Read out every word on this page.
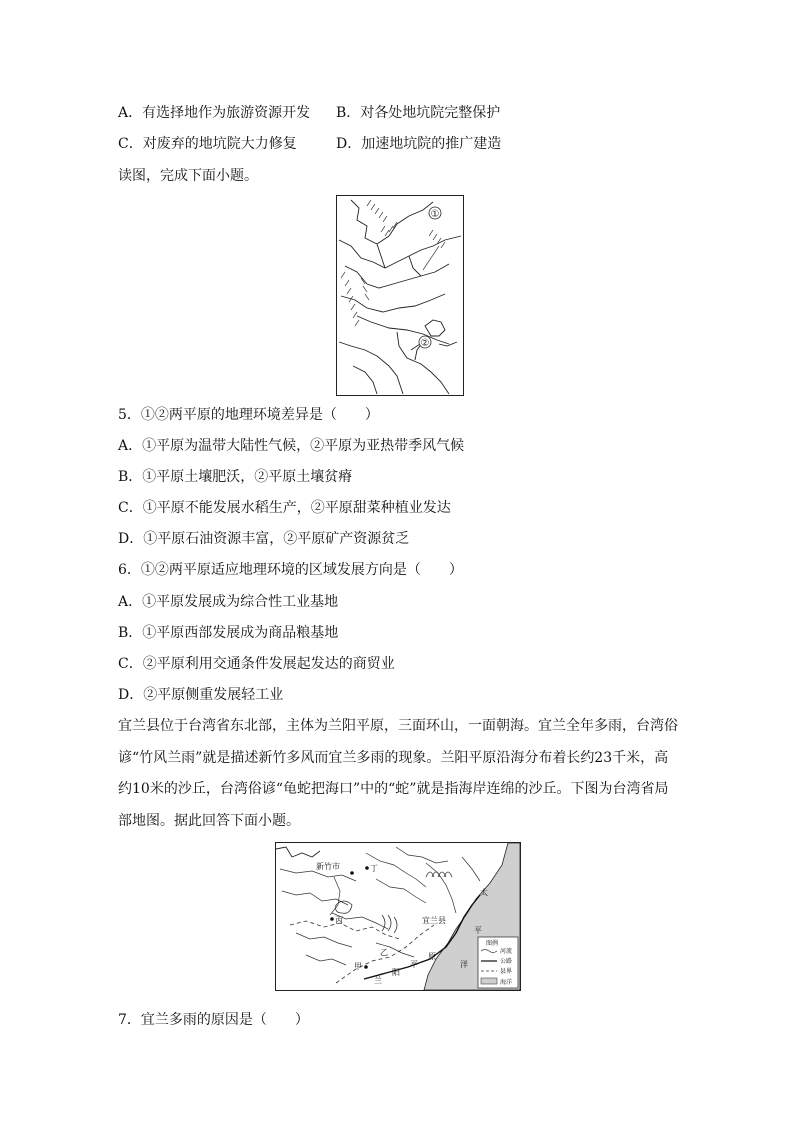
A．有选择地作为旅游资源开发 B．对各处地坑院完整保护
C．对废弃的地坑院大力修复	D．加速地坑院的推广建造
读图，完成下面小题。
①
②
5．①②两平原的地理环境差异是（　　）
A．①平原为温带大陆性气候，②平原为亚热带季风气候
B．①平原土壤肥沃，②平原土壤贫瘠
C．①平原不能发展水稻生产，②平原甜菜种植业发达
D．①平原石油资源丰富，②平原矿产资源贫乏
6．①②两平原适应地理环境的区域发展方向是（　　）
A．①平原发展成为综合性工业基地
B．①平原西部发展成为商品粮基地
C．②平原利用交通条件发展起发达的商贸业
D．②平原侧重发展轻工业
宜兰县位于台湾省东北部，主体为兰阳平原，三面环山，一面朝海。宜兰全年多雨，台湾俗谚“竹风兰雨”就是描述新竹多风而宜兰多雨的现象。兰阳平原沿海分布着长约23千米，高约10米的沙丘，台湾俗谚“龟蛇把海口”中的“蛇”就是指海岸连绵的沙丘。下图为台湾省局部地图。据此回答下面小题。
新竹市	丁
丙	宜兰县
甲
乙
兰
阳
平
原
太
平
洋
图例
河流
公路
县界
海洋
7．宜兰多雨的原因是（　　）
